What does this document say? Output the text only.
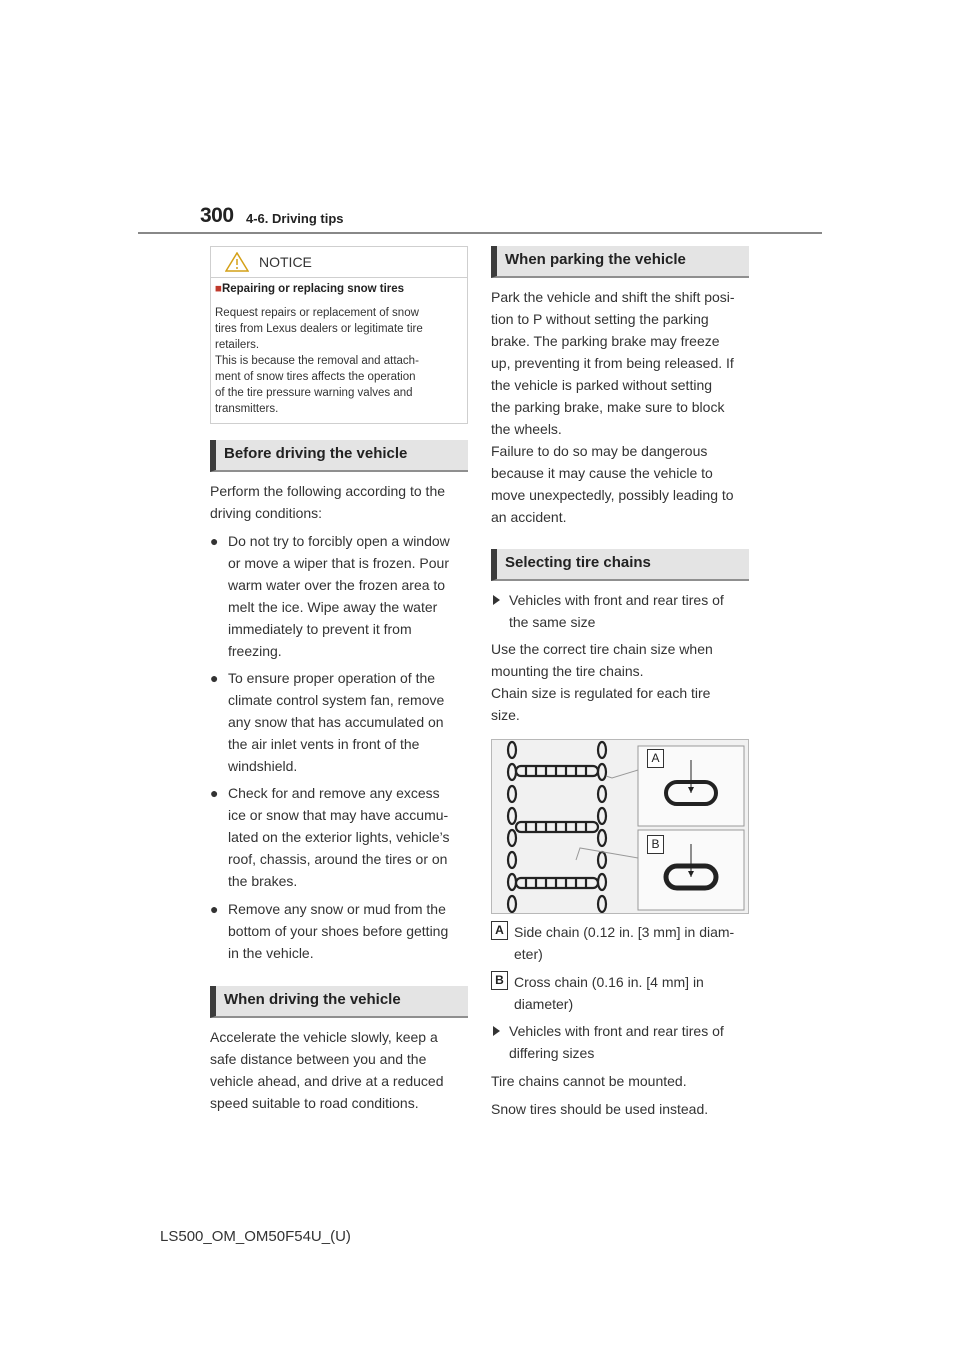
300 4-6. Driving tips
NOTICE
■Repairing or replacing snow tires

Request repairs or replacement of snow

tires from Lexus dealers or legitimate tire

retailers.

This is because the removal and attach-

ment of snow tires affects the operation

of the tire pressure warning valves and

transmitters.

Before driving the vehicle

Perform the following according to the

driving conditions:

● Do not try to forcibly open a window
or move a wiper that is frozen. Pour
warm water over the frozen area to
melt the ice. Wipe away the water
immediately to prevent it from
freezing.
● To ensure proper operation of the
climate control system fan, remove
any snow that has accumulated on
the air inlet vents in front of the
windshield.
● Check for and remove any excess
ice or snow that may have accumu-
lated on the exterior lights, vehicle’s
roof, chassis, around the tires or on
the brakes.
● Remove any snow or mud from the
bottom of your shoes before getting
in the vehicle.
When driving the vehicle

Accelerate the vehicle slowly, keep a

safe distance between you and the

vehicle ahead, and drive at a reduced

speed suitable to road conditions.

When parking the vehicle

Park the vehicle and shift the shift posi-

tion to P without setting the parking

brake. The parking brake may freeze

up, preventing it from being released. If

the vehicle is parked without setting

the parking brake, make sure to block

the wheels.

Failure to do so may be dangerous

because it may cause the vehicle to

move unexpectedly, possibly leading to

an accident.

Selecting tire chains
Vehicles with front and rear tires of
the same size

Use the correct tire chain size when

mounting the tire chains.

Chain size is regulated for each tire

size.

A
B
A Side chain (0.12 in. [3 mm] in diam-

eter)

B Cross chain (0.16 in. [4 mm] in

diameter)

Vehicles with front and rear tires of
differing sizes

Tire chains cannot be mounted.

Snow tires should be used instead.

LS500_OM_OM50F54U_(U)
